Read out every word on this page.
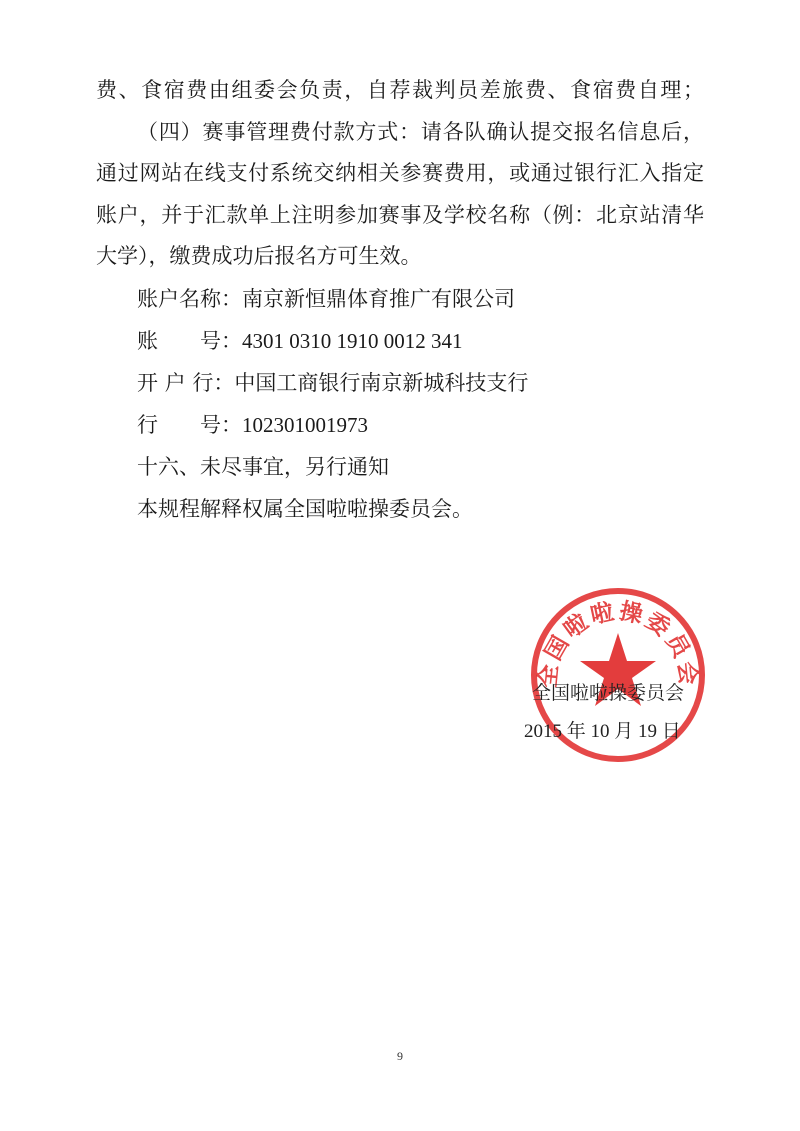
费、食宿费由组委会负责，自荐裁判员差旅费、食宿费自理；
（四）赛事管理费付款方式：请各队确认提交报名信息后，
通过网站在线支付系统交纳相关参赛费用，或通过银行汇入指定
账户，并于汇款单上注明参加赛事及学校名称（例：北京站清华
大学），缴费成功后报名方可生效。
账户名称：南京新恒鼎体育推广有限公司
账　　号：4301 0310 1910 0012 341
开 户 行：中国工商银行南京新城科技支行
行　　号：102301001973
十六、未尽事宜，另行通知
本规程解释权属全国啦啦操委员会。
全国啦啦操委员会
全国啦啦操委员会
2015 年 10 月 19 日
9
